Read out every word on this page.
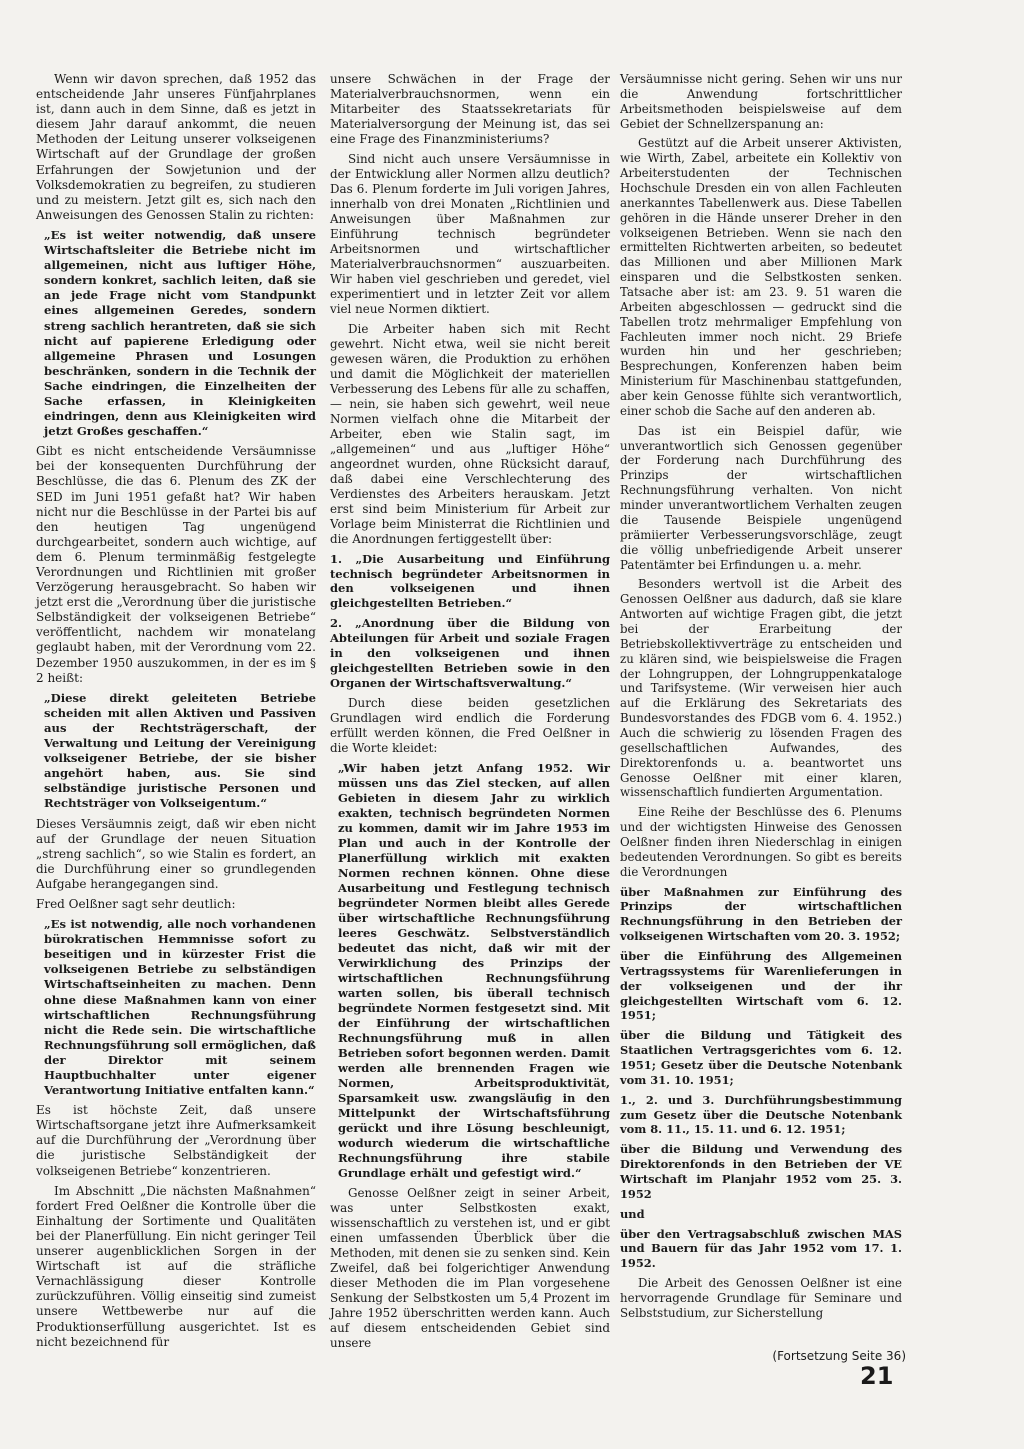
Wenn wir davon sprechen, daß 1952 das entscheidende Jahr unseres Fünfjahrplanes ist, dann auch in dem Sinne, daß es jetzt in diesem Jahr darauf ankommt, die neuen Methoden der Leitung unserer volkseigenen Wirtschaft auf der Grundlage der großen Erfahrungen der Sowjetunion und der Volksdemokratien zu begreifen, zu studieren und zu meistern. Jetzt gilt es, sich nach den Anweisungen des Genossen Stalin zu richten:

„Es ist weiter notwendig, daß unsere Wirtschaftsleiter die Betriebe nicht im allgemeinen, nicht aus luftiger Höhe, sondern konkret, sachlich leiten, daß sie an jede Frage nicht vom Standpunkt eines allgemeinen Geredes, sondern streng sachlich herantreten, daß sie sich nicht auf papierene Erledigung oder allgemeine Phrasen und Losungen beschränken, sondern in die Technik der Sache eindringen, die Einzelheiten der Sache erfassen, in Kleinigkeiten eindringen, denn aus Kleinigkeiten wird jetzt Großes geschaffen.“

Gibt es nicht entscheidende Versäumnisse bei der konsequenten Durchführung der Beschlüsse, die das 6. Plenum des ZK der SED im Juni 1951 gefaßt hat? Wir haben nicht nur die Beschlüsse in der Partei bis auf den heutigen Tag ungenügend durchgearbeitet, sondern auch wichtige, auf dem 6. Plenum terminmäßig festgelegte Verordnungen und Richtlinien mit großer Verzögerung herausgebracht. So haben wir jetzt erst die „Verordnung über die juristische Selbständigkeit der volkseigenen Betriebe“ veröffentlicht, nachdem wir monatelang geglaubt haben, mit der Verordnung vom 22. Dezember 1950 auszukommen, in der es im § 2 heißt:

„Diese direkt geleiteten Betriebe scheiden mit allen Aktiven und Passiven aus der Rechtsträgerschaft, der Verwaltung und Leitung der Vereinigung volkseigener Betriebe, der sie bisher angehört haben, aus. Sie sind selbständige juristische Personen und Rechtsträger von Volkseigentum.“

Dieses Versäumnis zeigt, daß wir eben nicht auf der Grundlage der neuen Situation „streng sachlich“, so wie Stalin es fordert, an die Durchführung einer so grundlegenden Aufgabe herangegangen sind.

Fred Oelßner sagt sehr deutlich:

„Es ist notwendig, alle noch vorhandenen bürokratischen Hemmnisse sofort zu beseitigen und in kürzester Frist die volkseigenen Betriebe zu selbständigen Wirtschaftseinheiten zu machen. Denn ohne diese Maßnahmen kann von einer wirtschaftlichen Rechnungsführung nicht die Rede sein. Die wirtschaftliche Rechnungsführung soll ermöglichen, daß der Direktor mit seinem Hauptbuchhalter unter eigener Verantwortung Initiative entfalten kann.“

Es ist höchste Zeit, daß unsere Wirtschaftsorgane jetzt ihre Aufmerksamkeit auf die Durchführung der „Verordnung über die juristische Selbständigkeit der volkseigenen Betriebe“ konzentrieren.

Im Abschnitt „Die nächsten Maßnahmen“ fordert Fred Oelßner die Kontrolle über die Einhaltung der Sortimente und Qualitäten bei der Planerfüllung. Ein nicht geringer Teil unserer augenblicklichen Sorgen in der Wirtschaft ist auf die sträfliche Vernachlässigung dieser Kontrolle zurückzuführen. Völlig einseitig sind zumeist unsere Wettbewerbe nur auf die Produktionserfüllung ausgerichtet. Ist es nicht bezeichnend für

unsere Schwächen in der Frage der Materialverbrauchsnormen, wenn ein Mitarbeiter des Staatssekretariats für Materialversorgung der Meinung ist, das sei eine Frage des Finanzministeriums?

Sind nicht auch unsere Versäumnisse in der Entwicklung aller Normen allzu deutlich? Das 6. Plenum forderte im Juli vorigen Jahres, innerhalb von drei Monaten „Richtlinien und Anweisungen über Maßnahmen zur Einführung technisch begründeter Arbeitsnormen und wirtschaftlicher Materialverbrauchsnormen“ auszuarbeiten. Wir haben viel geschrieben und geredet, viel experimentiert und in letzter Zeit vor allem viel neue Normen diktiert.

Die Arbeiter haben sich mit Recht gewehrt. Nicht etwa, weil sie nicht bereit gewesen wären, die Produktion zu erhöhen und damit die Möglichkeit der materiellen Verbesserung des Lebens für alle zu schaffen, — nein, sie haben sich gewehrt, weil neue Normen vielfach ohne die Mitarbeit der Arbeiter, eben wie Stalin sagt, im „allgemeinen“ und aus „luftiger Höhe“ angeordnet wurden, ohne Rücksicht darauf, daß dabei eine Verschlechterung des Verdienstes des Arbeiters herauskam. Jetzt erst sind beim Ministerium für Arbeit zur Vorlage beim Ministerrat die Richtlinien und die Anordnungen fertiggestellt über:

1. „Die Ausarbeitung und Einführung technisch begründeter Arbeitsnormen in den volkseigenen und ihnen gleichgestellten Betrieben.“

2. „Anordnung über die Bildung von Abteilungen für Arbeit und soziale Fragen in den volkseigenen und ihnen gleichgestellten Betrieben sowie in den Organen der Wirtschaftsverwaltung.“

Durch diese beiden gesetzlichen Grundlagen wird endlich die Forderung erfüllt werden können, die Fred Oelßner in die Worte kleidet:

„Wir haben jetzt Anfang 1952. Wir müssen uns das Ziel stecken, auf allen Gebieten in diesem Jahr zu wirklich exakten, technisch begründeten Normen zu kommen, damit wir im Jahre 1953 im Plan und auch in der Kontrolle der Planerfüllung wirklich mit exakten Normen rechnen können. Ohne diese Ausarbeitung und Festlegung technisch begründeter Normen bleibt alles Gerede über wirtschaftliche Rechnungsführung leeres Geschwätz. Selbstverständlich bedeutet das nicht, daß wir mit der Verwirklichung des Prinzips der wirtschaftlichen Rechnungsführung warten sollen, bis überall technisch begründete Normen festgesetzt sind. Mit der Einführung der wirtschaftlichen Rechnungsführung muß in allen Betrieben sofort begonnen werden. Damit werden alle brennenden Fragen wie Normen, Arbeitsproduktivität, Sparsamkeit usw. zwangsläufig in den Mittelpunkt der Wirtschaftsführung gerückt und ihre Lösung beschleunigt, wodurch wiederum die wirtschaftliche Rechnungsführung ihre stabile Grundlage erhält und gefestigt wird.“

Genosse Oelßner zeigt in seiner Arbeit, was unter Selbstkosten exakt, wissenschaftlich zu verstehen ist, und er gibt einen umfassenden Überblick über die Methoden, mit denen sie zu senken sind. Kein Zweifel, daß bei folgerichtiger Anwendung dieser Methoden die im Plan vorgesehene Senkung der Selbstkosten um 5,4 Prozent im Jahre 1952 überschritten werden kann. Auch auf diesem entscheidenden Gebiet sind unsere

Versäumnisse nicht gering. Sehen wir uns nur die Anwendung fortschrittlicher Arbeitsmethoden beispielsweise auf dem Gebiet der Schnellzerspanung an:

Gestützt auf die Arbeit unserer Aktivisten, wie Wirth, Zabel, arbeitete ein Kollektiv von Arbeiterstudenten der Technischen Hochschule Dresden ein von allen Fachleuten anerkanntes Tabellenwerk aus. Diese Tabellen gehören in die Hände unserer Dreher in den volkseigenen Betrieben. Wenn sie nach den ermittelten Richtwerten arbeiten, so bedeutet das Millionen und aber Millionen Mark einsparen und die Selbstkosten senken. Tatsache aber ist: am 23. 9. 51 waren die Arbeiten abgeschlossen — gedruckt sind die Tabellen trotz mehrmaliger Empfehlung von Fachleuten immer noch nicht. 29 Briefe wurden hin und her geschrieben; Besprechungen, Konferenzen haben beim Ministerium für Maschinenbau stattgefunden, aber kein Genosse fühlte sich verantwortlich, einer schob die Sache auf den anderen ab.

Das ist ein Beispiel dafür, wie unverantwortlich sich Genossen gegenüber der Forderung nach Durchführung des Prinzips der wirtschaftlichen Rechnungsführung verhalten. Von nicht minder unverantwortlichem Verhalten zeugen die Tausende Beispiele ungenügend prämiierter Verbesserungsvorschläge, zeugt die völlig unbefriedigende Arbeit unserer Patentämter bei Erfindungen u. a. mehr.

Besonders wertvoll ist die Arbeit des Genossen Oelßner aus dadurch, daß sie klare Antworten auf wichtige Fragen gibt, die jetzt bei der Erarbeitung der Betriebskollektivverträge zu entscheiden und zu klären sind, wie beispielsweise die Fragen der Lohngruppen, der Lohngruppenkataloge und Tarifsysteme. (Wir verweisen hier auch auf die Erklärung des Sekretariats des Bundesvorstandes des FDGB vom 6. 4. 1952.) Auch die schwierig zu lösenden Fragen des gesellschaftlichen Aufwandes, des Direktorenfonds u. a. beantwortet uns Genosse Oelßner mit einer klaren, wissenschaftlich fundierten Argumentation.

Eine Reihe der Beschlüsse des 6. Plenums und der wichtigsten Hinweise des Genossen Oelßner finden ihren Niederschlag in einigen bedeutenden Verordnungen. So gibt es bereits die Verordnungen

über Maßnahmen zur Einführung des Prinzips der wirtschaftlichen Rechnungsführung in den Betrieben der volkseigenen Wirtschaften vom 20. 3. 1952;

über die Einführung des Allgemeinen Vertragssystems für Warenlieferungen in der volkseigenen und der ihr gleichgestellten Wirtschaft vom 6. 12. 1951;

über die Bildung und Tätigkeit des Staatlichen Vertragsgerichtes vom 6. 12. 1951; Gesetz über die Deutsche Notenbank vom 31. 10. 1951;

1., 2. und 3. Durchführungsbestimmung zum Gesetz über die Deutsche Notenbank vom 8. 11., 15. 11. und 6. 12. 1951;

über die Bildung und Verwendung des Direktorenfonds in den Betrieben der VE Wirtschaft im Planjahr 1952 vom 25. 3. 1952

und

über den Vertragsabschluß zwischen MAS und Bauern für das Jahr 1952 vom 17. 1. 1952.

Die Arbeit des Genossen Oelßner ist eine hervorragende Grundlage für Seminare und Selbststudium, zur Sicherstellung

(Fortsetzung Seite 36)
21
